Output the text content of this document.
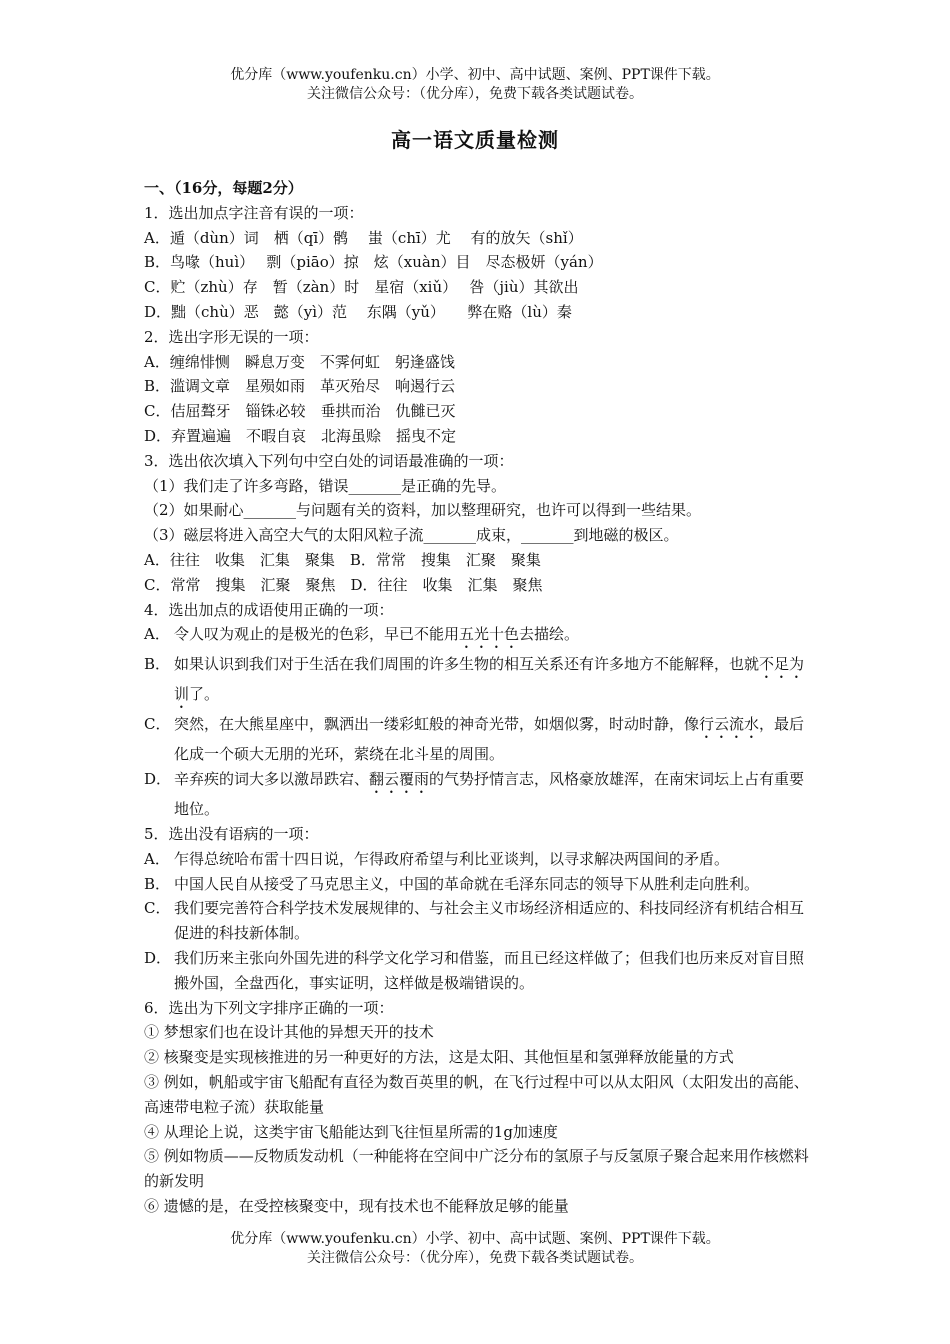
优分库（www.youfenku.cn）小学、初中、高中试题、案例、PPT课件下载。
关注微信公众号：（优分库），免费下载各类试题试卷。
高一语文质量检测
一、（16分，每题2分）
1．选出加点字注音有误的一项：
A．遁（dùn）词　栖（qī）鹘　 蚩（chī）尤　 有的放矢（shǐ）
B．鸟喙（huì）　 剽（piāo）掠　炫（xuàn）目　尽态极妍（yán）
C．贮（zhù）存　暂（zàn）时　星宿（xiǔ）　 咎（jiù）其欲出
D．黜（chù）恶　懿（yì）范　 东隅（yǔ）　　弊在赂（lù）秦
2．选出字形无误的一项：
A．缠绵悱恻　瞬息万变　不霁何虹　躬逢盛饯
B．滥调文章　星殒如雨　革灭殆尽　响遏行云
C．佶屈聱牙　锱铢必较　垂拱而治　仇雠已灭
D．弃置遍遍　不暇自哀　北海虽赊　摇曳不定
3．选出依次填入下列句中空白处的词语最准确的一项：
（1）我们走了许多弯路，错误_______是正确的先导。
（2）如果耐心_______与问题有关的资料，加以整理研究，也许可以得到一些结果。
（3）磁层将进入高空大气的太阳风粒子流_______成束，_______到地磁的极区。
A．往往　收集　汇集　聚集　B．常常　搜集　汇聚　聚集
C．常常　搜集　汇聚　聚焦　D．往往　收集　汇集　聚焦
4．选出加点的成语使用正确的一项：
A． 令人叹为观止的是极光的色彩，早已不能用五光十色去描绘。
B． 如果认识到我们对于生活在我们周围的许多生物的相互关系还有许多地方不能解释，也就不足为训了。
C． 突然，在大熊星座中，飘洒出一缕彩虹般的神奇光带，如烟似雾，时动时静，像行云流水，最后化成一个硕大无朋的光环，萦绕在北斗星的周围。
D． 辛弃疾的词大多以激昂跌宕、翻云覆雨的气势抒情言志，风格豪放雄浑，在南宋词坛上占有重要地位。
5．选出没有语病的一项：
A． 乍得总统哈布雷十四日说，乍得政府希望与利比亚谈判，以寻求解决两国间的矛盾。
B． 中国人民自从接受了马克思主义，中国的革命就在毛泽东同志的领导下从胜利走向胜利。
C． 我们要完善符合科学技术发展规律的、与社会主义市场经济相适应的、科技同经济有机结合相互促进的科技新体制。
D． 我们历来主张向外国先进的科学文化学习和借鉴，而且已经这样做了；但我们也历来反对盲目照搬外国，全盘西化，事实证明，这样做是极端错误的。
6．选出为下列文字排序正确的一项：
① 梦想家们也在设计其他的异想天开的技术
② 核聚变是实现核推进的另一种更好的方法，这是太阳、其他恒星和氢弹释放能量的方式
③ 例如，帆船或宇宙飞船配有直径为数百英里的帆，在飞行过程中可以从太阳风（太阳发出的高能、高速带电粒子流）获取能量
④ 从理论上说，这类宇宙飞船能达到飞往恒星所需的1g加速度
⑤ 例如物质——反物质发动机（一种能将在空间中广泛分布的氢原子与反氢原子聚合起来用作核燃料的新发明
⑥ 遗憾的是，在受控核聚变中，现有技术也不能释放足够的能量
优分库（www.youfenku.cn）小学、初中、高中试题、案例、PPT课件下载。
关注微信公众号：（优分库），免费下载各类试题试卷。
